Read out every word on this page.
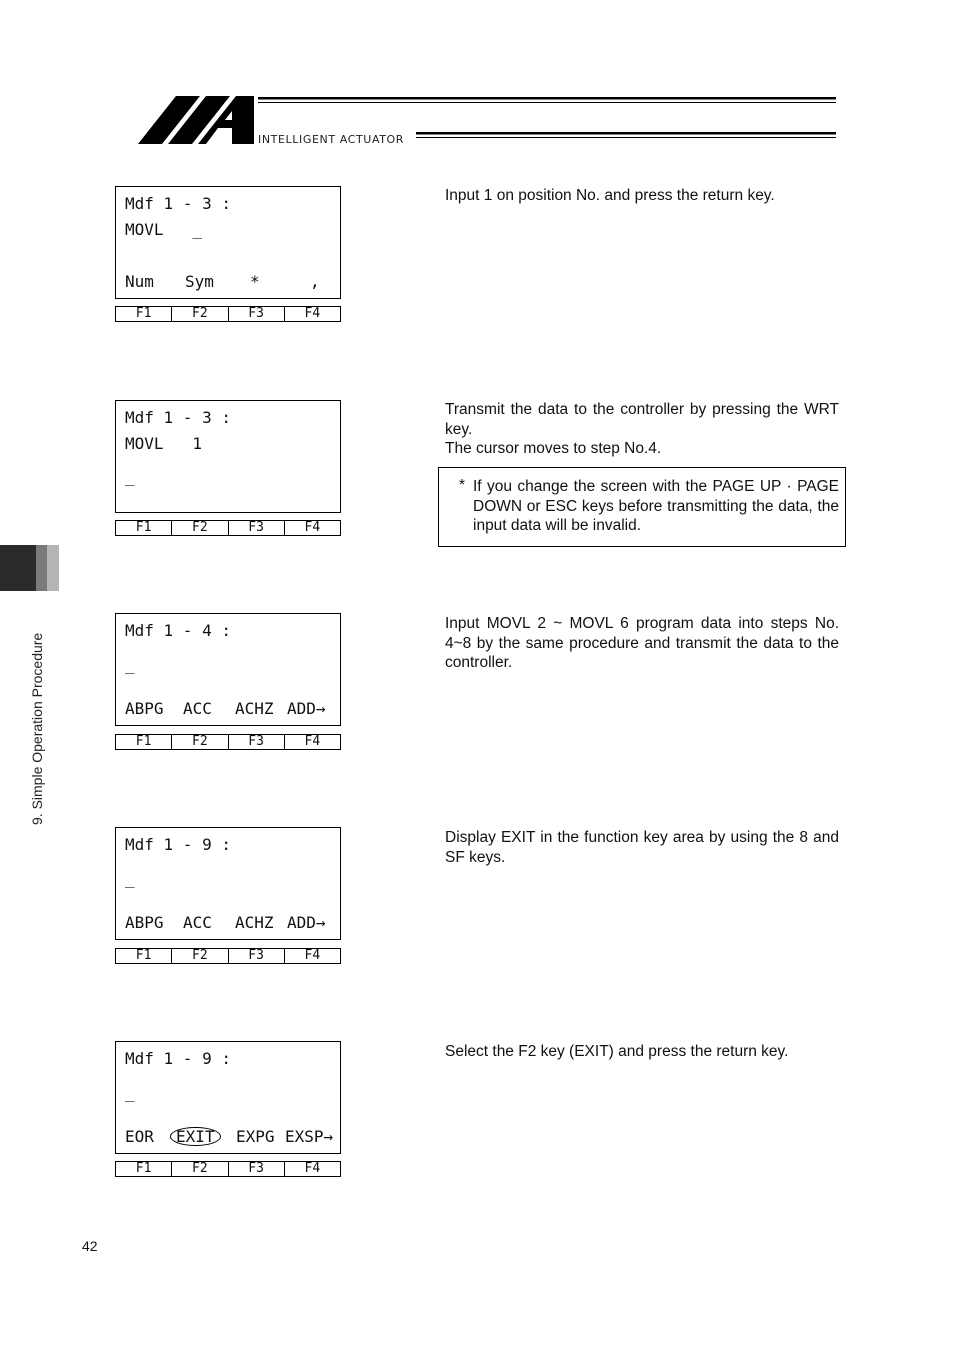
INTELLIGENT ACTUATOR
9. Simple Operation Procedure
Mdf 1 - 3 :
MOVL   _
Num Sym *	,
F1	F2	F3	F4
Input 1 on position No. and press the return key.
Mdf 1 - 3 :
MOVL   1
_
F1	F2	F3	F4
Transmit the data to the controller by pressing the WRT key.
The cursor moves to step No.4.
* If you change the screen with the PAGE UP · PAGE DOWN or ESC keys before transmitting the data, the input data will be invalid.
Mdf 1 - 4 :
_
ABPG ACC ACHZ ADD→
F1	F2	F3	F4
Input MOVL 2 ~ MOVL 6 program data into steps No. 4~8 by the same procedure and transmit the data to the controller.
Mdf 1 - 9 :
_
ABPG ACC ACHZ ADD→
F1	F2	F3	F4
Display EXIT in the function key area by using the 8 and SF keys.
Mdf 1 - 9 :
_
EOR	EXIT	EXPG EXSP→
F1	F2	F3	F4
Select the F2 key (EXIT) and press the return key.
42
